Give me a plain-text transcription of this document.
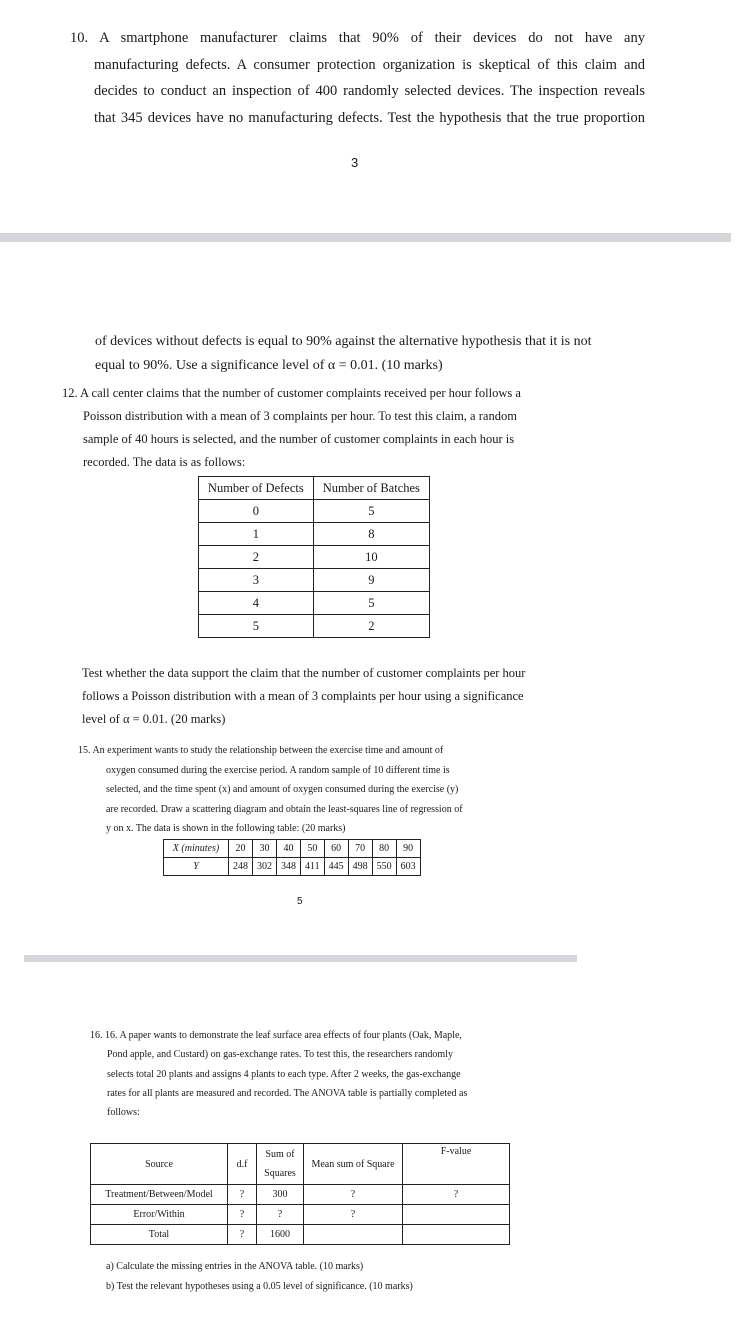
10. A smartphone manufacturer claims that 90% of their devices do not have any
manufacturing defects. A consumer protection organization is skeptical of this claim and
decides to conduct an inspection of 400 randomly selected devices. The inspection reveals
that 345 devices have no manufacturing defects. Test the hypothesis that the true proportion

3

of devices without defects is equal to 90% against the alternative hypothesis that it is not
equal to 90%. Use a significance level of α = 0.01. (10 marks)

12. A call center claims that the number of customer complaints received per hour follows a
Poisson distribution with a mean of 3 complaints per hour. To test this claim, a random
sample of 40 hours is selected, and the number of customer complaints in each hour is
recorded. The data is as follows:

Number of Defects	Number of Batches
0	5
1	8
2	10
3	9
4	5
5	2

Test whether the data support the claim that the number of customer complaints per hour
follows a Poisson distribution with a mean of 3 complaints per hour using a significance
level of α = 0.01. (20 marks)

15. An experiment wants to study the relationship between the exercise time and amount of
oxygen consumed during the exercise period. A random sample of 10 different time is
selected, and the time spent (x) and amount of oxygen consumed during the exercise (y)
are recorded. Draw a scattering diagram and obtain the least-squares line of regression of
y on x. The data is shown in the following table: (20 marks)

X (minutes)	20	30	40	50	60	70	80	90
Y	248	302	348	411	445	498	550	603
5

16. 16. A paper wants to demonstrate the leaf surface area effects of four plants (Oak, Maple,
Pond apple, and Custard) on gas-exchange rates. To test this, the researchers randomly
selects total 20 plants and assigns 4 plants to each type. After 2 weeks, the gas-exchange
rates for all plants are measured and recorded. The ANOVA table is partially completed as
follows:

Source	d.f	Sum of Squares	Mean sum of Square	F-value
Treatment/Between/Model	?	300	?	?
Error/Within	?	?	?	
Total	?	1600		
a) Calculate the missing entries in the ANOVA table. (10 marks)
b) Test the relevant hypotheses using a 0.05 level of significance. (10 marks)
